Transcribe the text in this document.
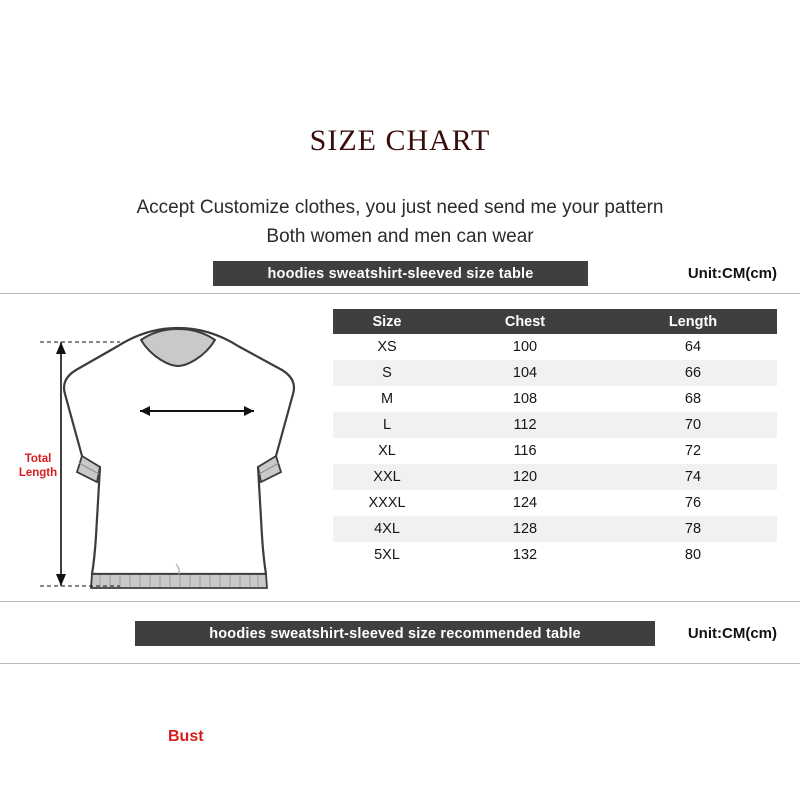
SIZE CHART
Accept Customize clothes, you just need send me your pattern
Both women and men can wear
hoodies sweatshirt-sleeved size table	Unit:CM(cm)
hoodies sweatshirt-sleeved size recommended table	Unit:CM(cm)
Bust
Total
Length
Size	Chest	Length
XS	100	64
S	104	66
M	108	68
L	112	70
XL	116	72
XXL	120	74
XXXL	124	76
4XL	128	78
5XL	132	80
